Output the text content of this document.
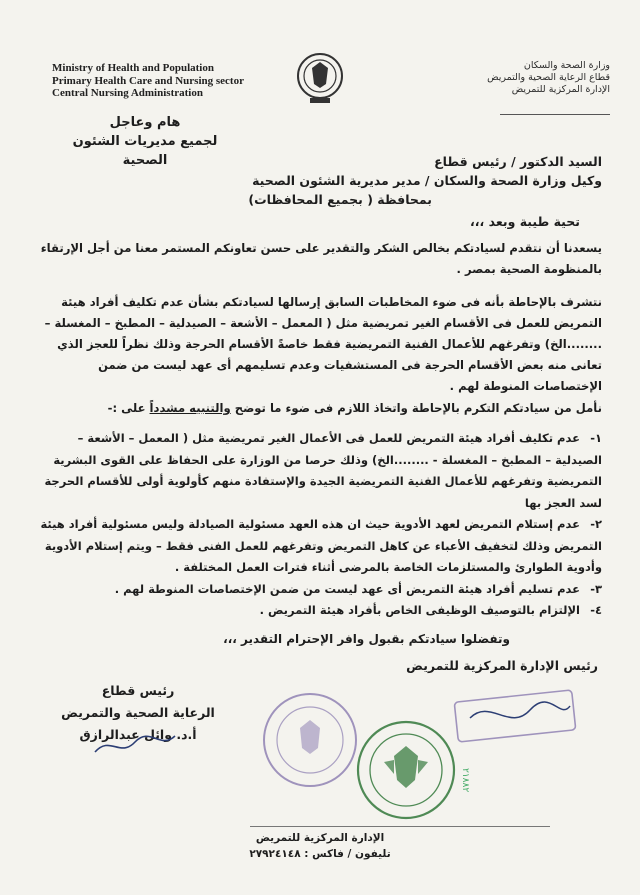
Ministry of Health and Population
Primary Health Care and Nursing sector
Central Nursing Administration
وزارة الصحة والسكان
قطاع الرعاية الصحية والتمريض
الإدارة المركزية للتمريض
هام وعاجل
لجميع مديريات الشئون الصحية	السيد الدكتور / رئيس قطاع
وكيل وزارة الصحة والسكان / مدير مديرية الشئون الصحية
بمحافظة ( بجميع المحافظات)
تحية طيبة وبعد ،،،
يسعدنا أن نتقدم لسيادتكم بخالص الشكر والتقدير على حسن تعاونكم المستمر معنا من أجل الإرتقاء بالمنظومة الصحية بمصر .
نتشرف بالإحاطة بأنه فى ضوء المخاطبات السابق إرسالها لسيادتكم بشأن عدم تكليف أفراد هيئة التمريض للعمل فى الأقسام الغير تمريضية مثل ( المعمل – الأشعة – الصيدلية – المطبخ – المغسلة – ........الخ) وتفرغهم للأعمال الفنية التمريضية فقط خاصةً الأقسام الحرجة وذلك نظراً للعجز الذي تعانى منه بعض الأقسام الحرجة فى المستشفيات وعدم تسليمهم أى عهد ليست من ضمن الإختصاصات المنوطة لهم .
نأمل من سيادتكم التكرم بالإحاطة واتخاذ اللازم فى ضوء ما توضح والتنبيه مشدداً على :-
١-عدم تكليف أفراد هيئة التمريض للعمل فى الأعمال الغير تمريضية مثل ( المعمل – الأشعة – الصيدلية – المطبخ – المغسلة - ........الخ) وذلك حرصا من الوزارة على الحفاظ على القوى البشرية التمريضية وتفرغهم للأعمال الفنية التمريضية الجيدة والإستفادة منهم كأولوية أولى للأقسام الحرجة لسد العجز بها
٢-عدم إستلام التمريض لعهد الأدوية حيث ان هذه العهد مسئولية الصيادلة وليس مسئولية أفراد هيئة التمريض وذلك لتخفيف الأعباء عن كاهل التمريض وتفرغهم للعمل الفنى فقط – ويتم إستلام الأدوية وأدوية الطوارئ والمستلزمات الخاصة بالمرضى أثناء فترات العمل المختلفة .
٣-عدم تسليم أفراد هيئة التمريض أى عهد ليست من ضمن الإختصاصات المنوطة لهم .
٤-الإلتزام بالتوصيف الوظيفى الخاص بأفراد هيئة التمريض .
وتفضلوا سيادتكم بقبول وافر الإحترام التقدير ،،،
رئيس الإدارة المركزية للتمريض
رئيس قطاع
الرعاية الصحية والتمريض
أ.د. وائل عبدالرازق
٢١٨٨٢
الإدارة المركزية للتمريض
تليفون / فاكس : ٢٧٩٢٤١٤٨
